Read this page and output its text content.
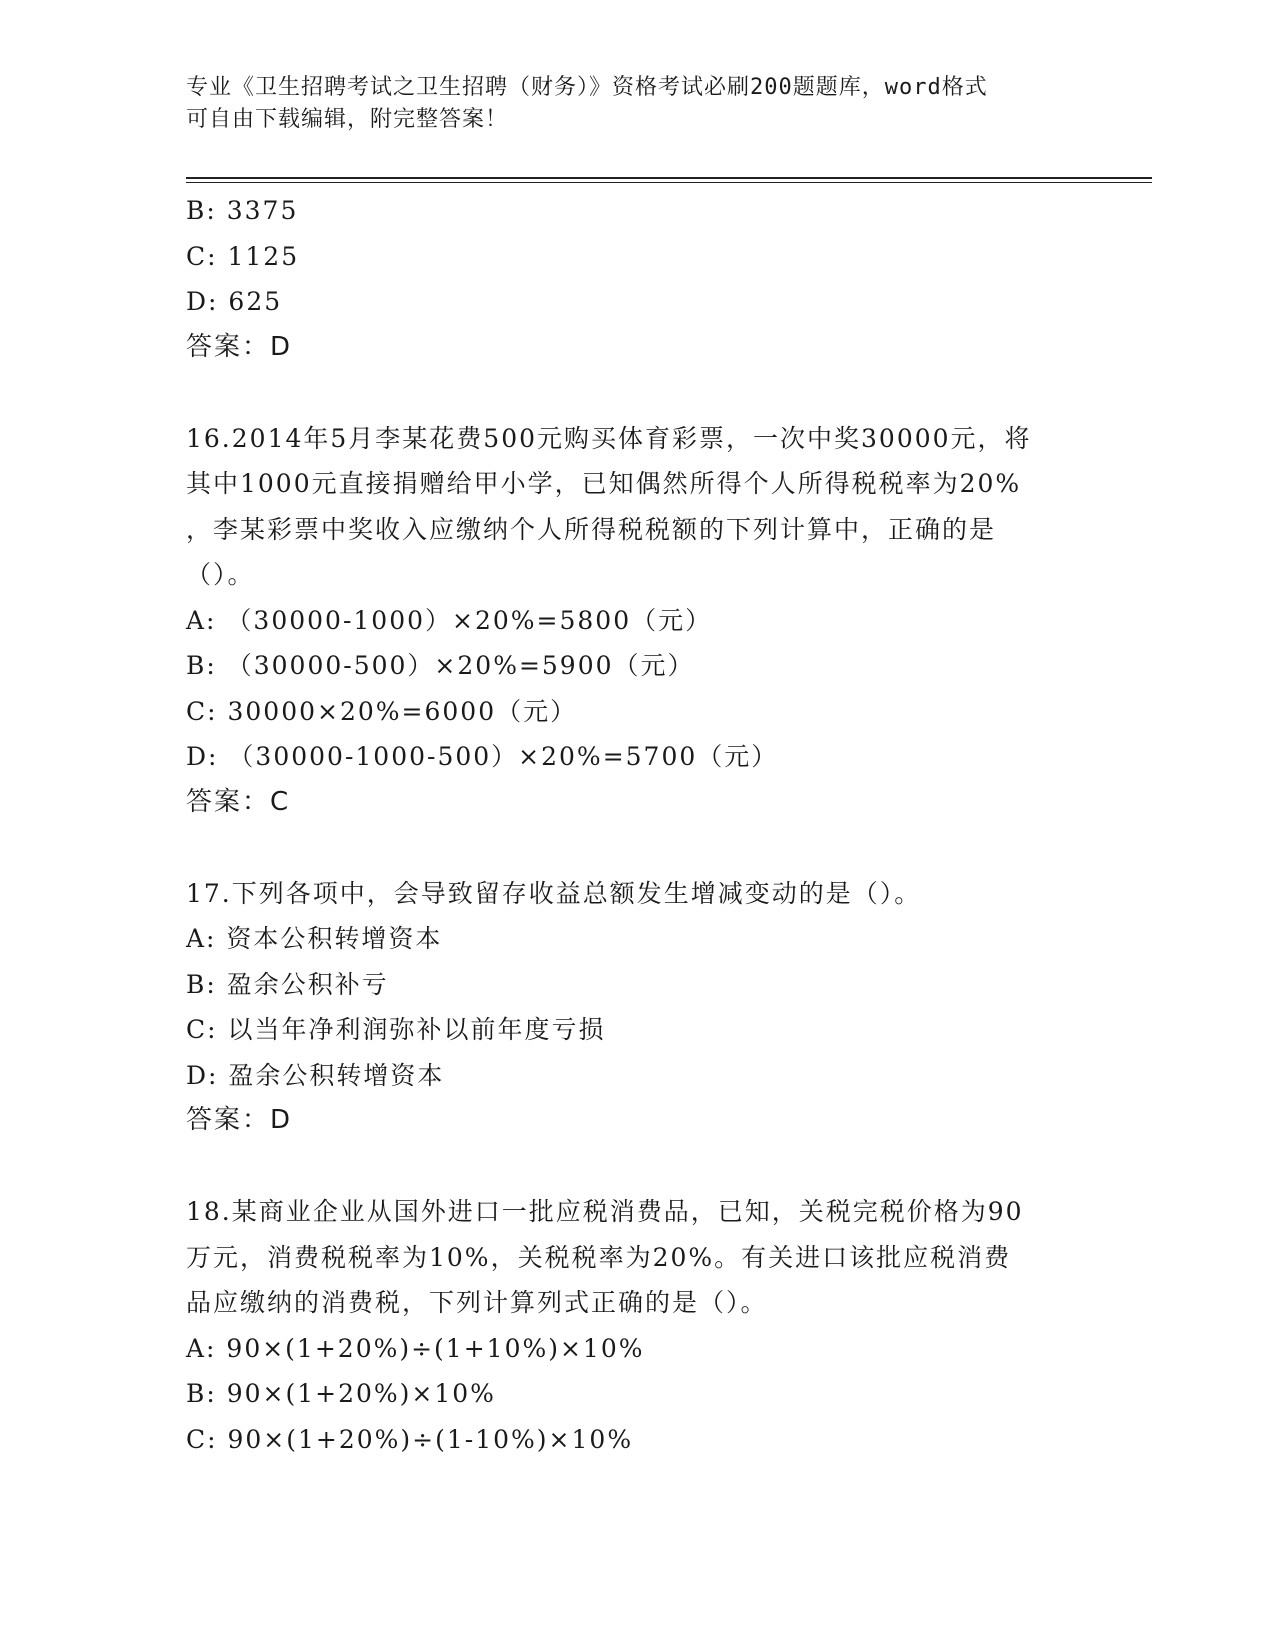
专业《卫生招聘考试之卫生招聘（财务）》资格考试必刷200题题库，word格式
可自由下载编辑，附完整答案！
B: 3375
C: 1125
D: 625
答案：D
16.2014年5月李某花费500元购买体育彩票，一次中奖30000元，将
其中1000元直接捐赠给甲小学，已知偶然所得个人所得税税率为20%
，李某彩票中奖收入应缴纳个人所得税税额的下列计算中，正确的是
（）。
A: （30000-1000）×20%=5800（元）
B: （30000-500）×20%=5900（元）
C: 30000×20%=6000（元）
D: （30000-1000-500）×20%=5700（元）
答案：C
17.下列各项中，会导致留存收益总额发生增减变动的是（）。
A: 资本公积转增资本
B: 盈余公积补亏
C: 以当年净利润弥补以前年度亏损
D: 盈余公积转增资本
答案：D
18.某商业企业从国外进口一批应税消费品，已知，关税完税价格为90
万元，消费税税率为10%，关税税率为20%。有关进口该批应税消费
品应缴纳的消费税，下列计算列式正确的是（）。
A: 90×(1+20%)÷(1+10%)×10%
B: 90×(1+20%)×10%
C: 90×(1+20%)÷(1-10%)×10%
